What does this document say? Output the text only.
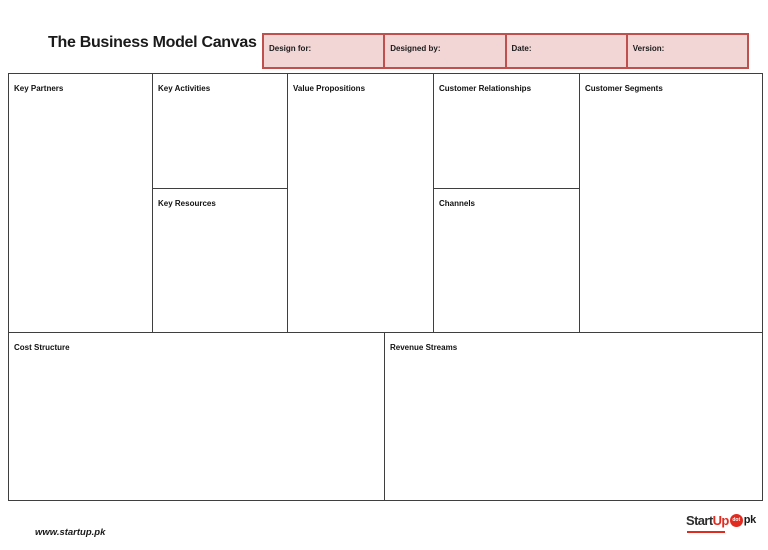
The Business Model Canvas	Design for:	Designed by:	Date:	Version:
Key Partners	Key Activities
Key Resources
Value Propositions	Customer Relationships
Channels
Customer Segments
Cost Structure	Revenue Streams
www.startup.pk
Start Up dot pk
